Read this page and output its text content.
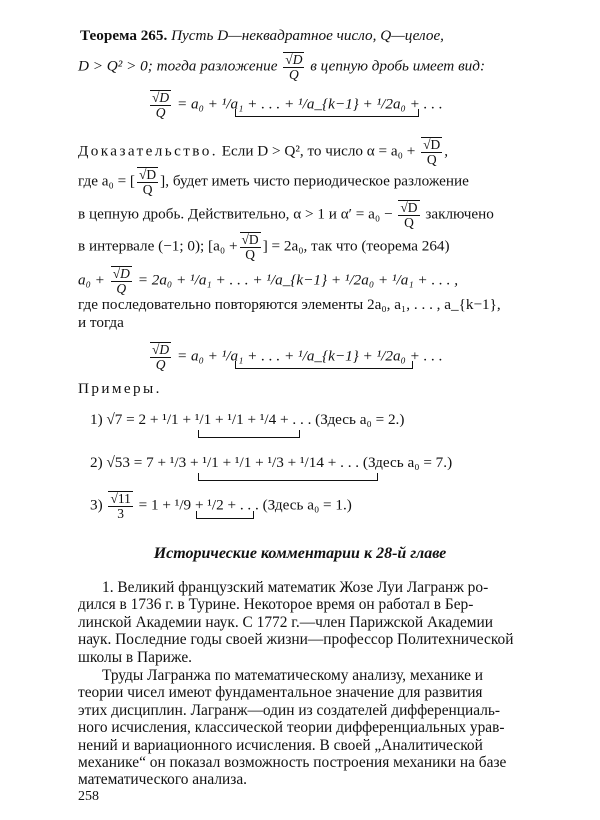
Теорема 265. Пусть D—неквадратное число, Q—целое,
D > Q² > 0; тогда разложение $\frac{√D}{Q}$ в цепную дробь имеет вид:
$\frac{√D}{Q} = a_0 + ^1/a_1$ + . . . + ¹/a_{k−1} + ¹/2a₀ + . . .
Доказательство. Если D > Q², то число $\alpha = a_0 + \frac{√D}{Q}$ ,
где a₀ = [ $\frac{√D}{Q}$ ], будет иметь чисто периодическое разложение
в цепную дробь. Действительно, α > 1 и $\alpha' = a_0 - \frac{√D}{Q}$ заключено
в интервале (−1; 0); [$a_0 + \frac{√D}{Q}$ ] = 2a₀, так что (теорема 264)
$a_0 + \frac{√D}{Q} = 2a_0 + ^1/a_1$ + . . . + ¹/a_{k−1} + ¹/2a₀ + ¹/a₁ + . . . ,
где последовательно повторяются элементы 2a₀, a₁, . . . , a_{k−1},
и тогда
$\frac{√D}{Q} = a_0 + ^1/a_1$ + . . . + ¹/a_{k−1} + ¹/2a₀ + . . .
Примеры.
1) √7 = 2 + ¹/1 + ¹/1 + ¹/1 + ¹/4 + . . . (Здесь a₀ = 2.)
2) √53 = 7 + ¹/3 + ¹/1 + ¹/1 + ¹/3 + ¹/14 + . . . (Здесь a₀ = 7.)
$3) \frac{√11}{3} = 1 + ^1/9 + ^1/2$ + . . . (Здесь a₀ = 1.)
Исторические комментарии к 28-й главе
1. Великий французский математик Жозе Луи Лагранж ро-
дился в 1736 г. в Турине. Некоторое время он работал в Бер-
линской Академии наук. С 1772 г.—член Парижской Академии
наук. Последние годы своей жизни—профессор Политехнической
школы в Париже.
Труды Лагранжа по математическому анализу, механике и
теории чисел имеют фундаментальное значение для развития
этих дисциплин. Лагранж—один из создателей дифференциаль-
ного исчисления, классической теории дифференциальных урав-
нений и вариационного исчисления. В своей „Аналитической
механике“ он показал возможность построения механики на базе
математического анализа.
258
